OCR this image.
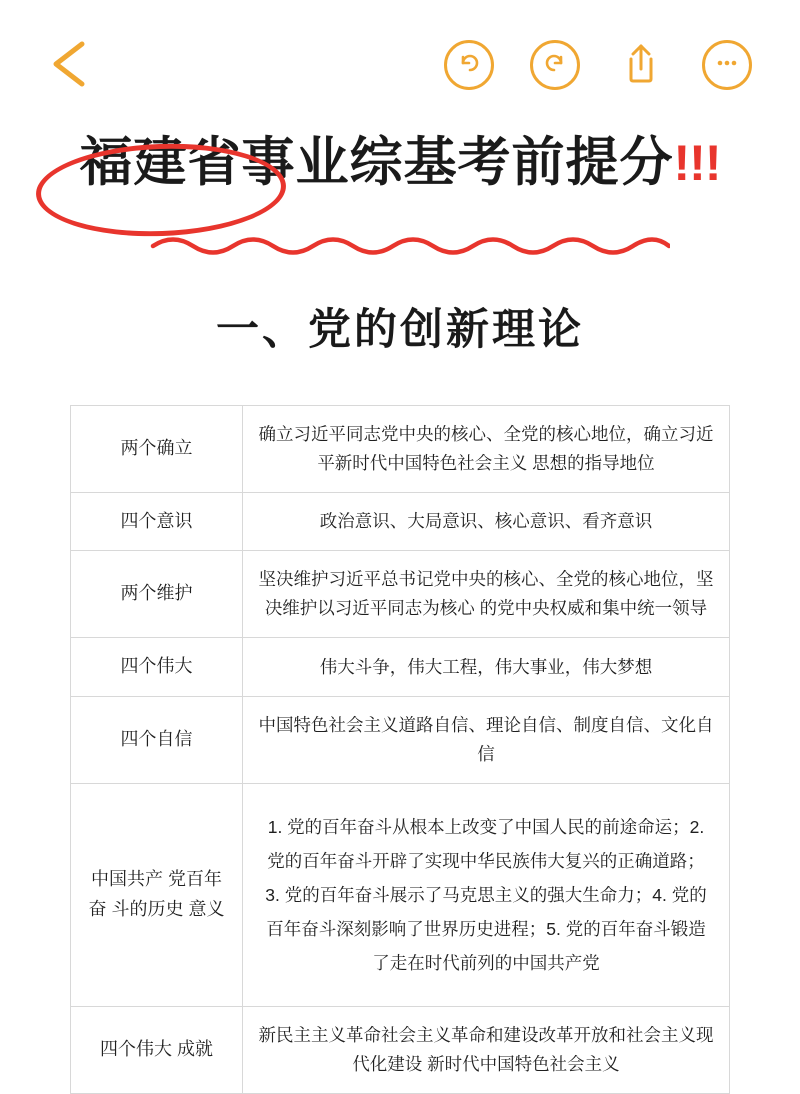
福建省事业综基考前提分!!!
一、党的创新理论
两个确立	确立习近平同志党中央的核心、全党的核心地位，确立习近平新时代中国特色社会主义 思想的指导地位
四个意识	政治意识、大局意识、核心意识、看齐意识
两个维护	坚决维护习近平总书记党中央的核心、全党的核心地位，坚决维护以习近平同志为核心 的党中央权威和集中统一领导
四个伟大	伟大斗争，伟大工程，伟大事业，伟大梦想
四个自信	中国特色社会主义道路自信、理论自信、制度自信、文化自信
中国共产 党百年奋 斗的历史 意义	1. 党的百年奋斗从根本上改变了中国人民的前途命运；2. 党的百年奋斗开辟了实现中华民族伟大复兴的正确道路；3. 党的百年奋斗展示了马克思主义的强大生命力；4. 党的百年奋斗深刻影响了世界历史进程；5. 党的百年奋斗锻造了走在时代前列的中国共产党
四个伟大 成就	新民主主义革命社会主义革命和建设改革开放和社会主义现代化建设 新时代中国特色社会主义
